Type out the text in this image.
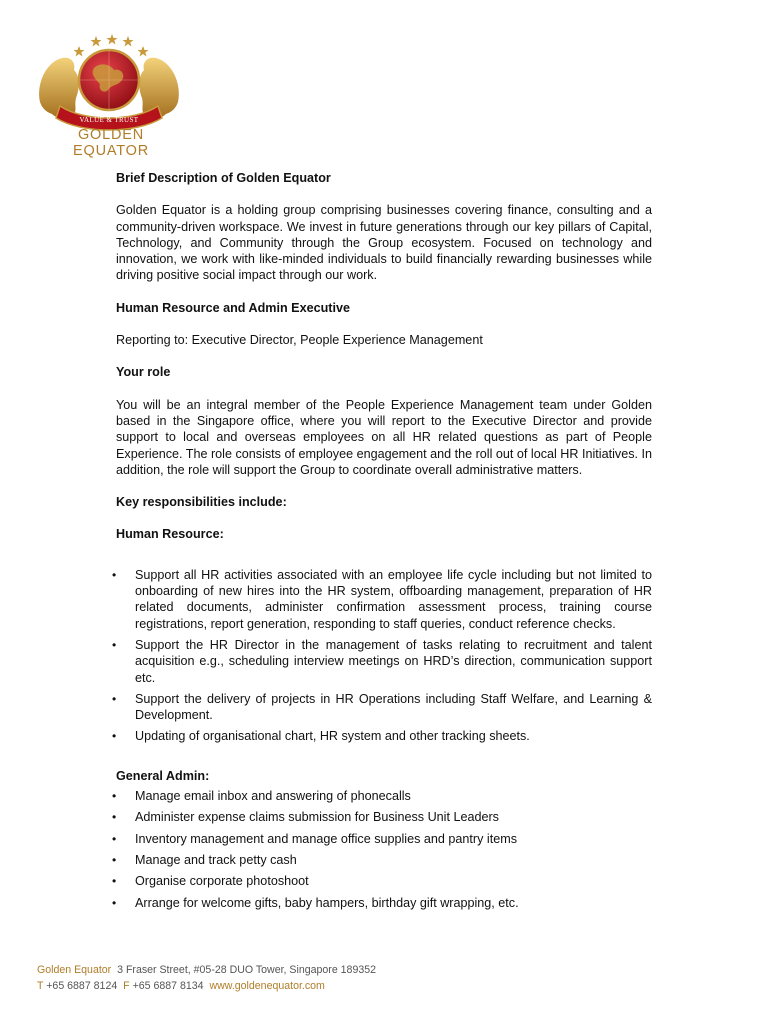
VALUE & TRUST
GOLDEN EQUATOR

Brief Description of Golden Equator

Golden Equator is a holding group comprising businesses covering finance, consulting and a community-driven workspace. We invest in future generations through our key pillars of Capital, Technology, and Community through the Group ecosystem. Focused on technology and innovation, we work with like-minded individuals to build financially rewarding businesses while driving positive social impact through our work.

Human Resource and Admin Executive

Reporting to: Executive Director, People Experience Management

Your role

You will be an integral member of the People Experience Management team under Golden based in the Singapore office, where you will report to the Executive Director and provide support to local and overseas employees on all HR related questions as part of People Experience. The role consists of employee engagement and the roll out of local HR Initiatives. In addition, the role will support the Group to coordinate overall administrative matters.

Key responsibilities include:

Human Resource:

• Support all HR activities associated with an employee life cycle including but not limited to onboarding of new hires into the HR system, offboarding management, preparation of HR related documents, administer confirmation assessment process, training course registrations, report generation, responding to staff queries, conduct reference checks.
• Support the HR Director in the management of tasks relating to recruitment and talent acquisition e.g., scheduling interview meetings on HRD’s direction, communication support etc.
• Support the delivery of projects in HR Operations including Staff Welfare, and Learning & Development.
• Updating of organisational chart, HR system and other tracking sheets.

General Admin:

• Manage email inbox and answering of phonecalls
• Administer expense claims submission for Business Unit Leaders
• Inventory management and manage office supplies and pantry items
• Manage and track petty cash
• Organise corporate photoshoot
• Arrange for welcome gifts, baby hampers, birthday gift wrapping, etc.
Golden Equator 3 Fraser Street, #05-28 DUO Tower, Singapore 189352
T +65 6887 8124 F +65 6887 8134 www.goldenequator.com
